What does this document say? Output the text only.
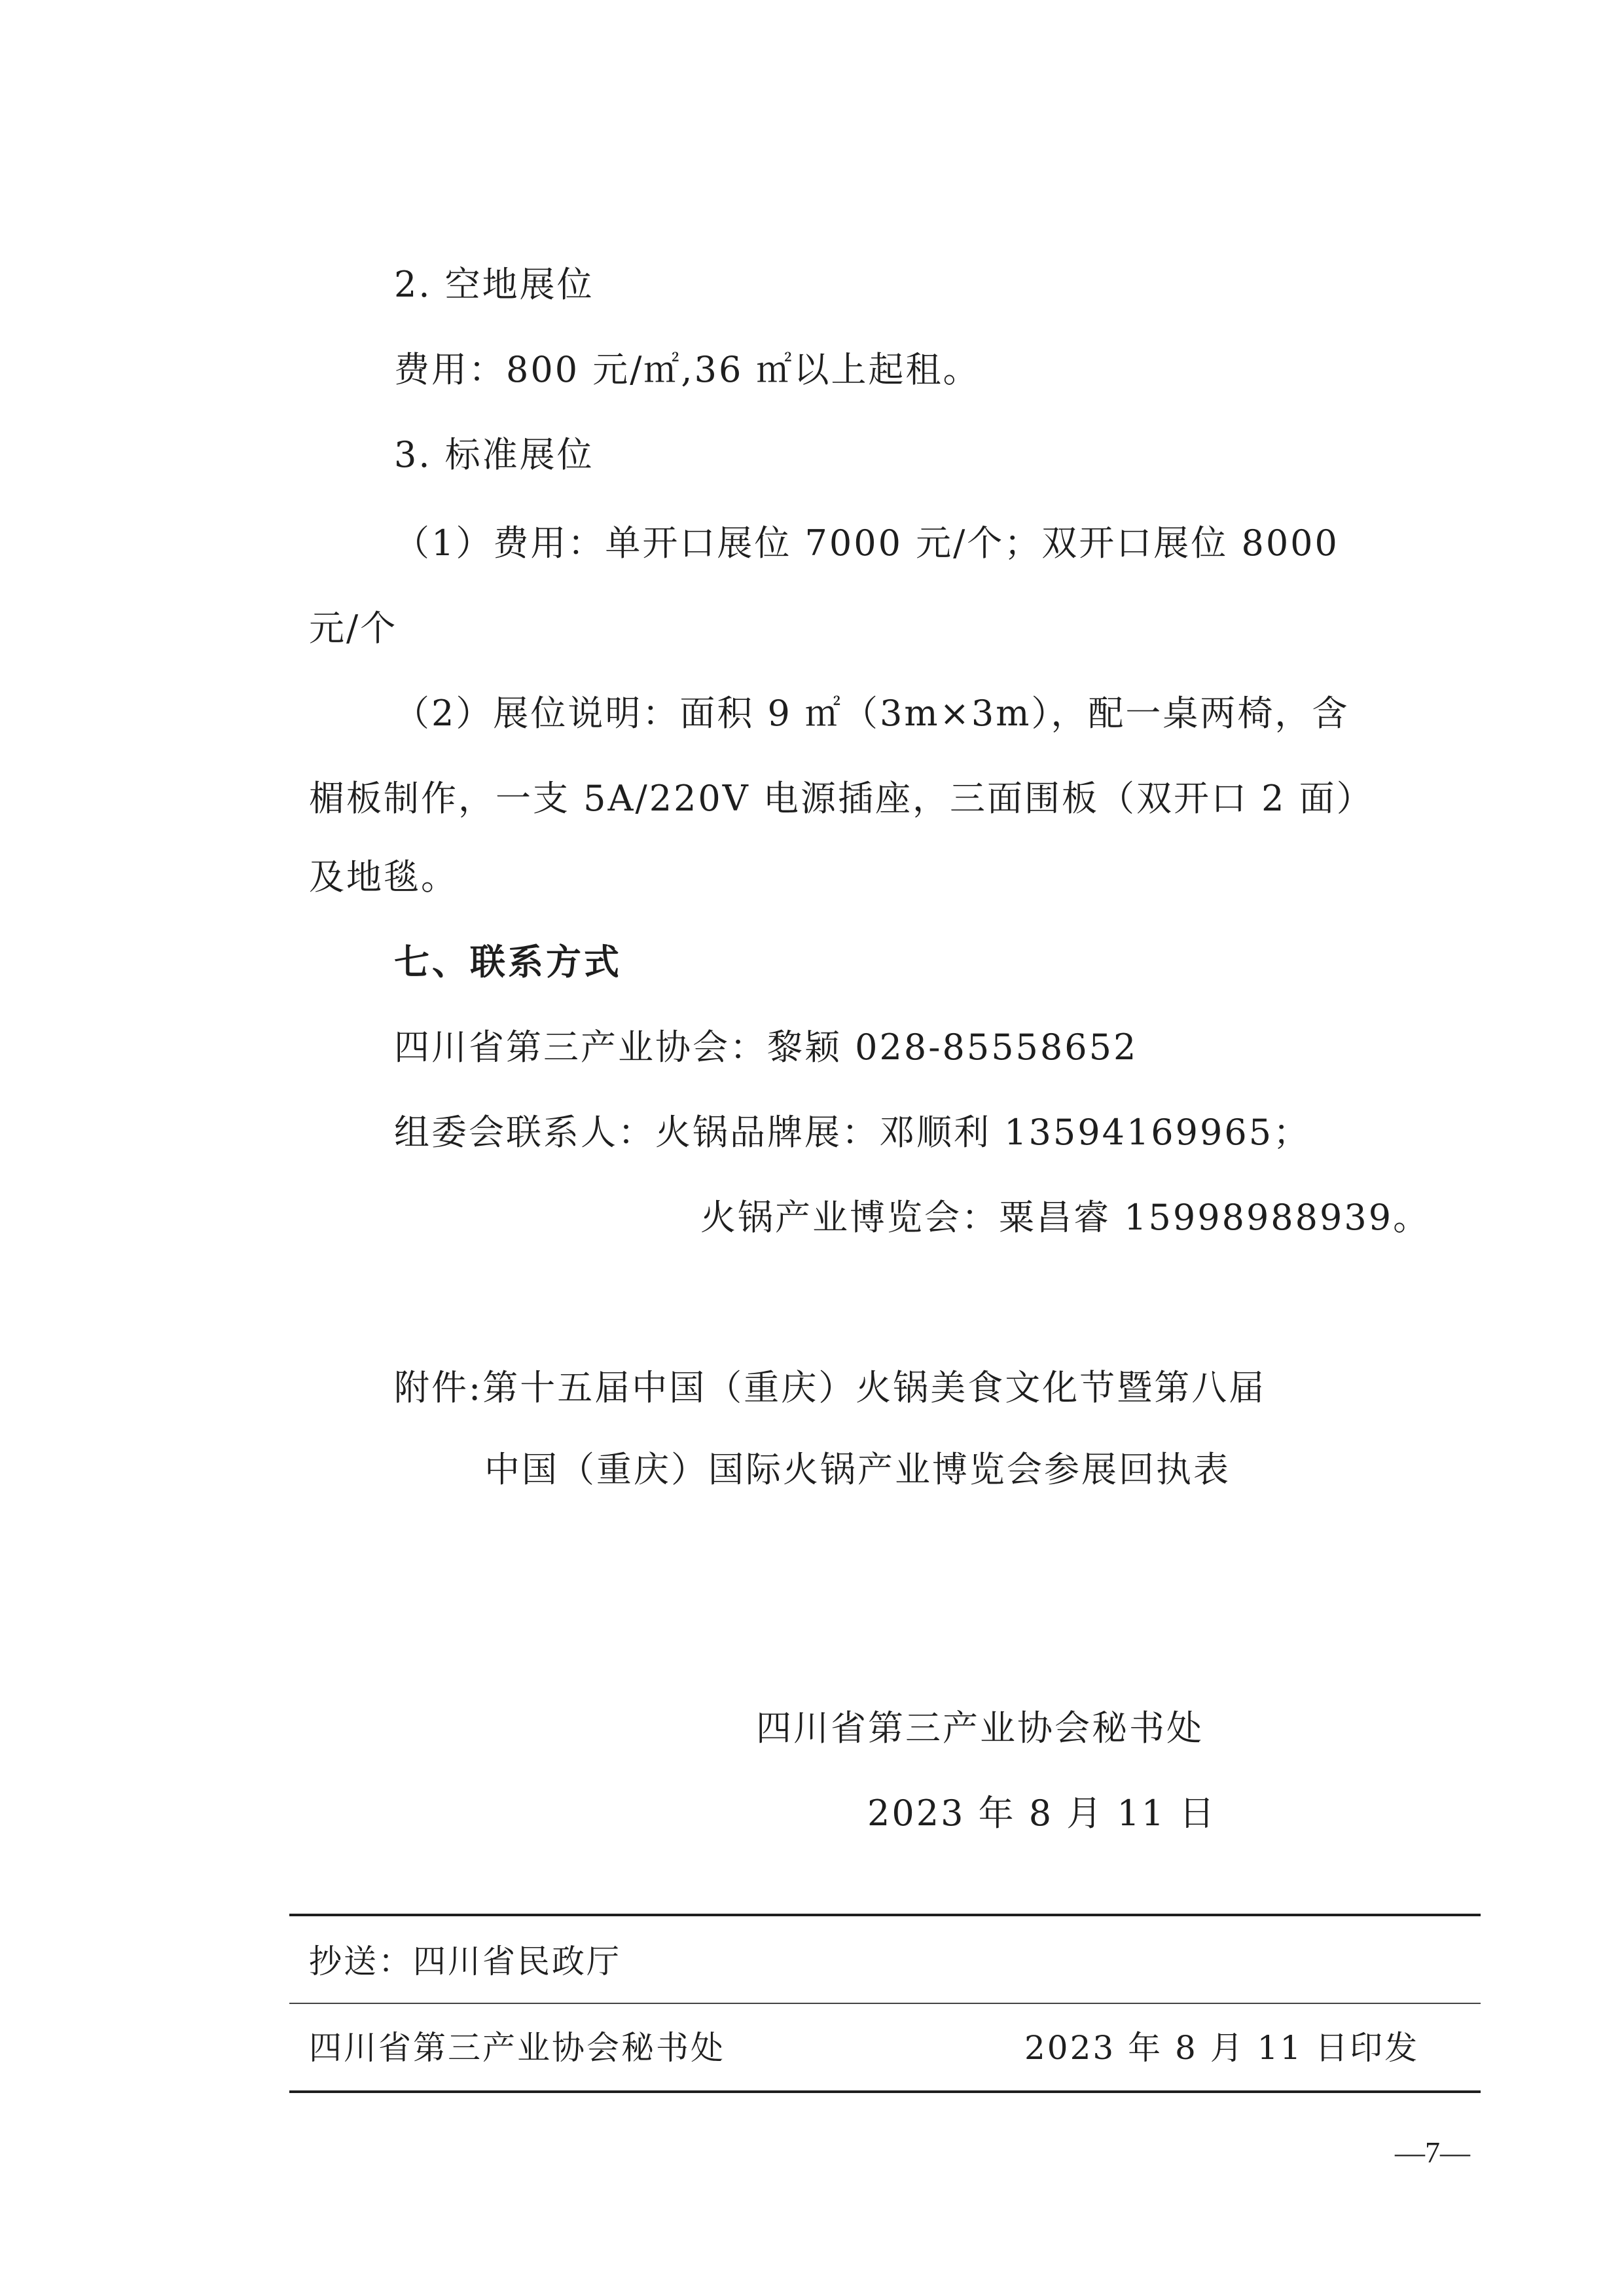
2. 空地展位
费用：800 元/㎡,36 ㎡以上起租。
3. 标准展位
（1）费用：单开口展位 7000 元/个；双开口展位 8000
元/个
（2）展位说明：面积 9 ㎡（3m×3m），配一桌两椅，含
楣板制作，一支 5A/220V 电源插座，三面围板（双开口 2 面）
及地毯。
七、联系方式
四川省第三产业协会：黎颖 028-85558652
组委会联系人：火锅品牌展：邓顺利 13594169965；
火锅产业博览会：粟昌睿 15998988939。
附件:第十五届中国（重庆）火锅美食文化节暨第八届
中国（重庆）国际火锅产业博览会参展回执表
四川省第三产业协会秘书处
2023 年 8 月 11 日
抄送：四川省民政厅
四川省第三产业协会秘书处	2023 年 8 月 11 日印发
—7—
